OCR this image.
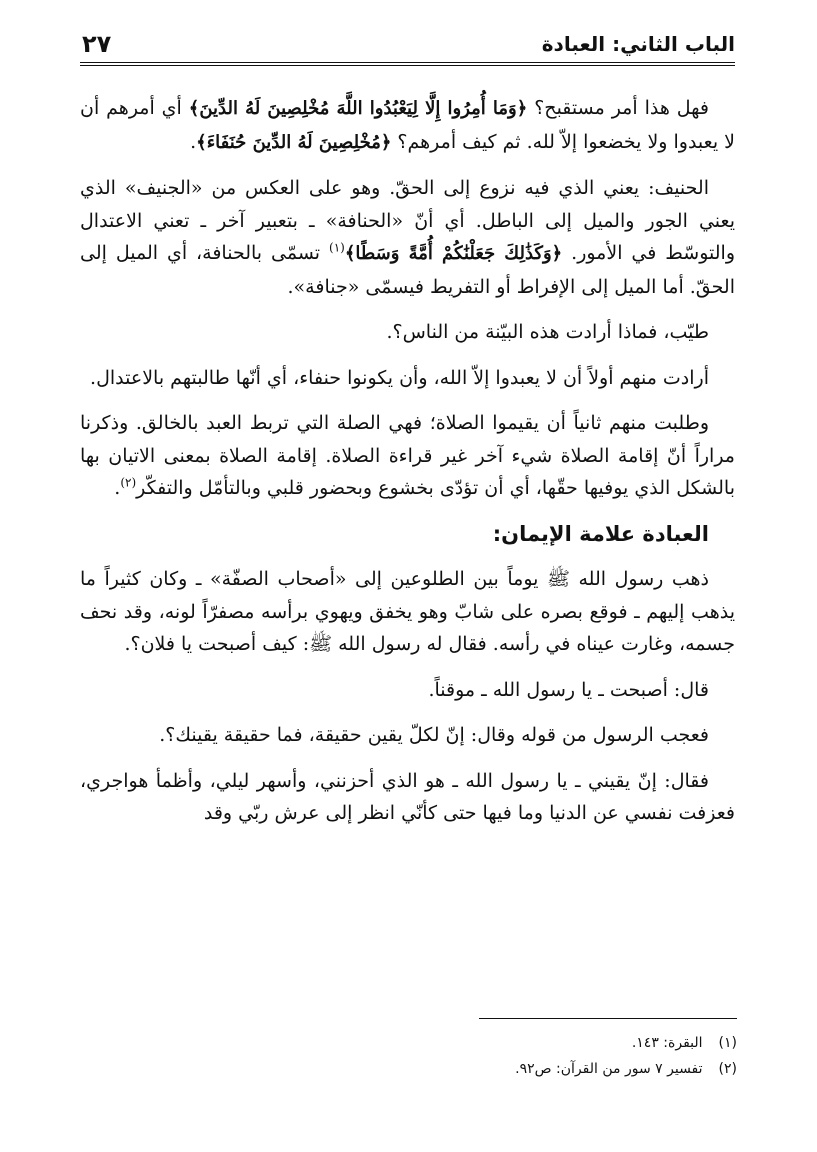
الباب الثاني: العبادة
٢٧

فهل هذا أمر مستقبح؟ ﴿وَمَا أُمِرُوا إِلَّا لِيَعْبُدُوا اللَّهَ مُخْلِصِينَ لَهُ الدِّينَ﴾ أي أمرهم أن لا يعبدوا ولا يخضعوا إلاّ لله. ثم كيف أمرهم؟ ﴿مُخْلِصِينَ لَهُ الدِّينَ حُنَفَاءَ﴾.

الحنيف: يعني الذي فيه نزوع إلى الحقّ. وهو على العكس من «الجنيف» الذي يعني الجور والميل إلى الباطل. أي أنّ «الحنافة» ـ بتعبير آخر ـ تعني الاعتدال والتوسّط في الأمور. ﴿وَكَذَٰلِكَ جَعَلْنَٰكُمْ أُمَّةً وَسَطًا﴾$^{(١)}$ تسمّى بالحنافة، أي الميل إلى الحقّ. أما الميل إلى الإفراط أو التفريط فيسمّى «جنافة».

طيّب، فماذا أرادت هذه البيّنة من الناس؟.

أرادت منهم أولاً أن لا يعبدوا إلاّ الله، وأن يكونوا حنفاء، أي أنّها طالبتهم بالاعتدال.

وطلبت منهم ثانياً أن يقيموا الصلاة؛ فهي الصلة التي تربط العبد بالخالق. وذكرنا مراراً أنّ إقامة الصلاة شيء آخر غير قراءة الصلاة. إقامة الصلاة بمعنى الاتيان بها بالشكل الذي يوفيها حقّها، أي أن تؤدّى بخشوع وبحضور قلبي وبالتأمّل والتفكّر$^{(٢)}$.

العبادة علامة الإيمان:

ذهب رسول الله ﷺ يوماً بين الطلوعين إلى «أصحاب الصفّة» ـ وكان كثيراً ما يذهب إليهم ـ فوقع بصره على شابّ وهو يخفق ويهوي برأسه مصفرّاً لونه، وقد نحف جسمه، وغارت عيناه في رأسه. فقال له رسول الله ﷺ: كيف أصبحت يا فلان؟.

قال: أصبحت ـ يا رسول الله ـ موقناً.

فعجب الرسول من قوله وقال: إنّ لكلّ يقين حقيقة، فما حقيقة يقينك؟.

فقال: إنّ يقيني ـ يا رسول الله ـ هو الذي أحزنني، وأسهر ليلي، وأظمأ هواجري، فعزفت نفسي عن الدنيا وما فيها حتى كأنّي انظر إلى عرش ربّي وقد

(١) البقرة: ١٤٣.
(٢) تفسير ٧ سور من القرآن: ص٩٢.
